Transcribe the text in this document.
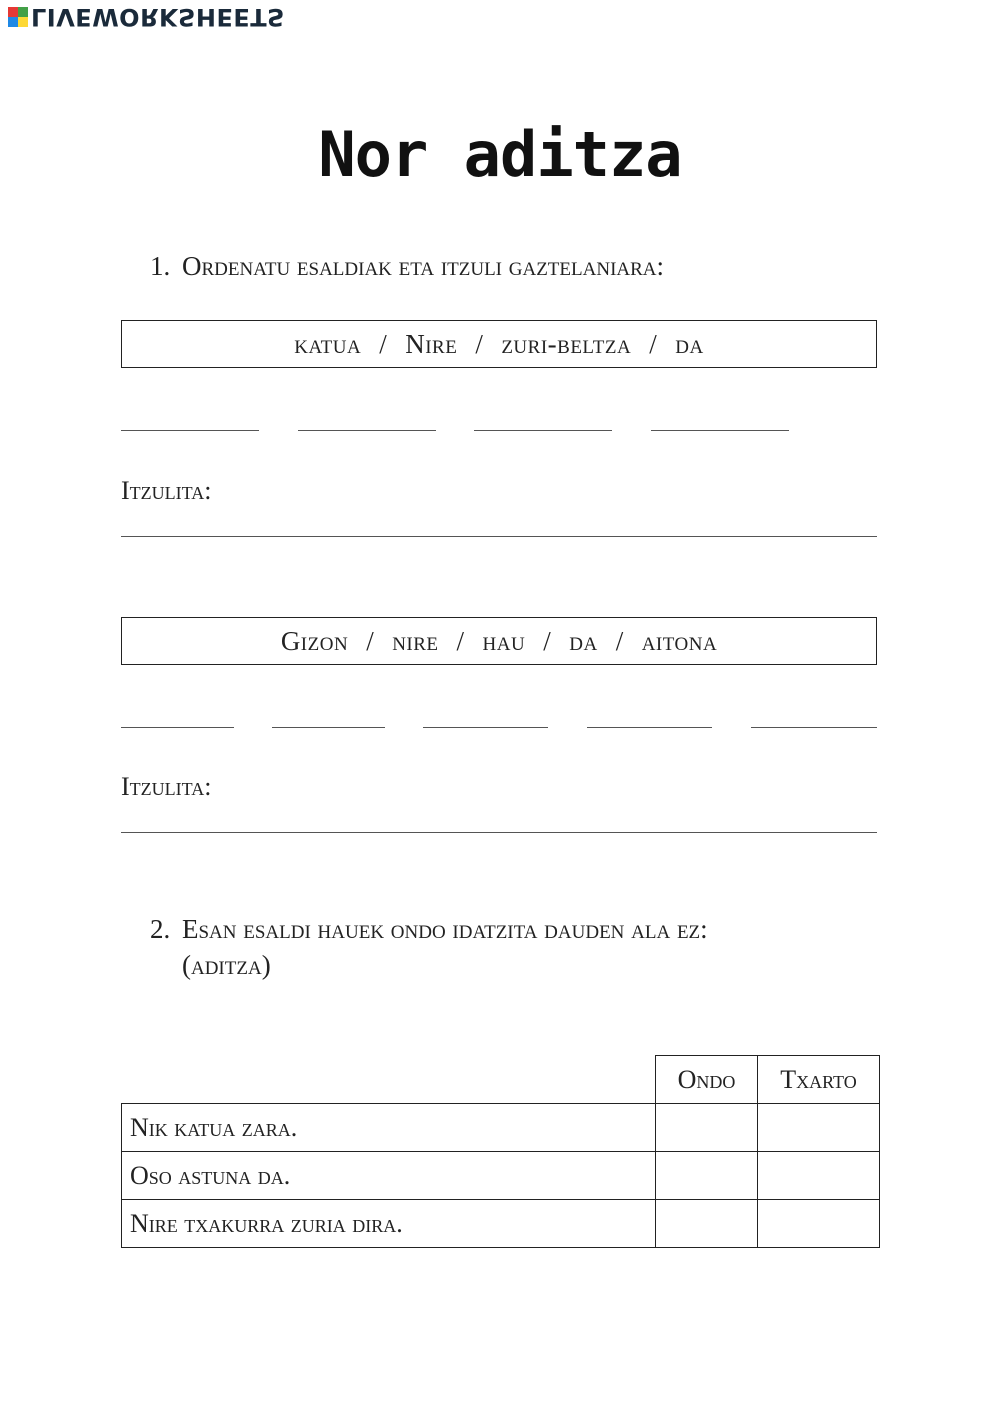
LIVEWORKSHEETS
Nor aditza
1. Ordenatu esaldiak eta itzuli gaztelaniara:
katua / Nire / zuri-beltza / da
Itzulita:
Gizon / nire / hau / da / aitona
Itzulita:
2. Esan esaldi hauek ondo idatzita dauden ala ez:
(aditza)
	Ondo	Txarto
Nik katua zara.		
Oso astuna da.		
Nire txakurra zuria dira.		
